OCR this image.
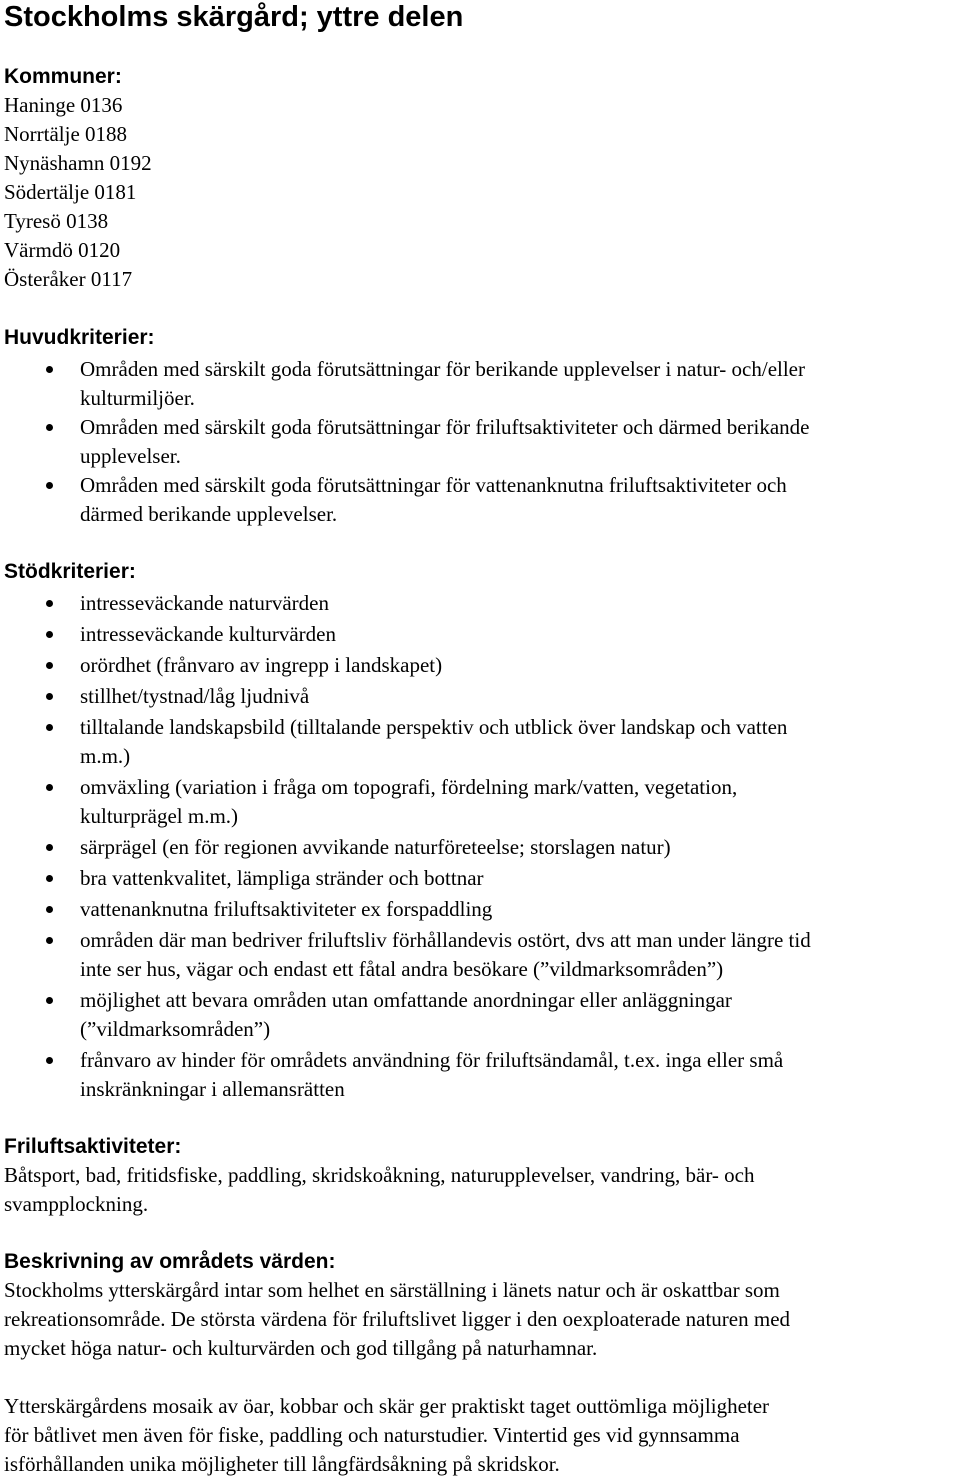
Stockholms skärgård; yttre delen
Kommuner:
Haninge 0136
Norrtälje 0188
Nynäshamn 0192
Södertälje 0181
Tyresö 0138
Värmdö 0120
Österåker 0117
Huvudkriterier:
Områden med särskilt goda förutsättningar för berikande upplevelser i natur- och/eller
kulturmiljöer.
Områden med särskilt goda förutsättningar för friluftsaktiviteter och därmed berikande
upplevelser.
Områden med särskilt goda förutsättningar för vattenanknutna friluftsaktiviteter och
därmed berikande upplevelser.
Stödkriterier:
intresseväckande naturvärden
intresseväckande kulturvärden
orördhet (frånvaro av ingrepp i landskapet)
stillhet/tystnad/låg ljudnivå
tilltalande landskapsbild (tilltalande perspektiv och utblick över landskap och vatten
m.m.)
omväxling (variation i fråga om topografi, fördelning mark/vatten, vegetation,
kulturprägel m.m.)
särprägel (en för regionen avvikande naturföreteelse; storslagen natur)
bra vattenkvalitet, lämpliga stränder och bottnar
vattenanknutna friluftsaktiviteter ex forspaddling
områden där man bedriver friluftsliv förhållandevis ostört, dvs att man under längre tid
inte ser hus, vägar och endast ett fåtal andra besökare (”vildmarksområden”)
möjlighet att bevara områden utan omfattande anordningar eller anläggningar
(”vildmarksområden”)
frånvaro av hinder för områdets användning för friluftsändamål, t.ex. inga eller små
inskränkningar i allemansrätten
Friluftsaktiviteter:
Båtsport, bad, fritidsfiske, paddling, skridskoåkning, naturupplevelser, vandring, bär- och
svampplockning.
Beskrivning av områdets värden:
Stockholms ytterskärgård intar som helhet en särställning i länets natur och är oskattbar som
rekreationsområde. De största värdena för friluftslivet ligger i den oexploaterade naturen med
mycket höga natur- och kulturvärden och god tillgång på naturhamnar.
Ytterskärgårdens mosaik av öar, kobbar och skär ger praktiskt taget outtömliga möjligheter
för båtlivet men även för fiske, paddling och naturstudier. Vintertid ges vid gynnsamma
isförhållanden unika möjligheter till långfärdsåkning på skridskor.
